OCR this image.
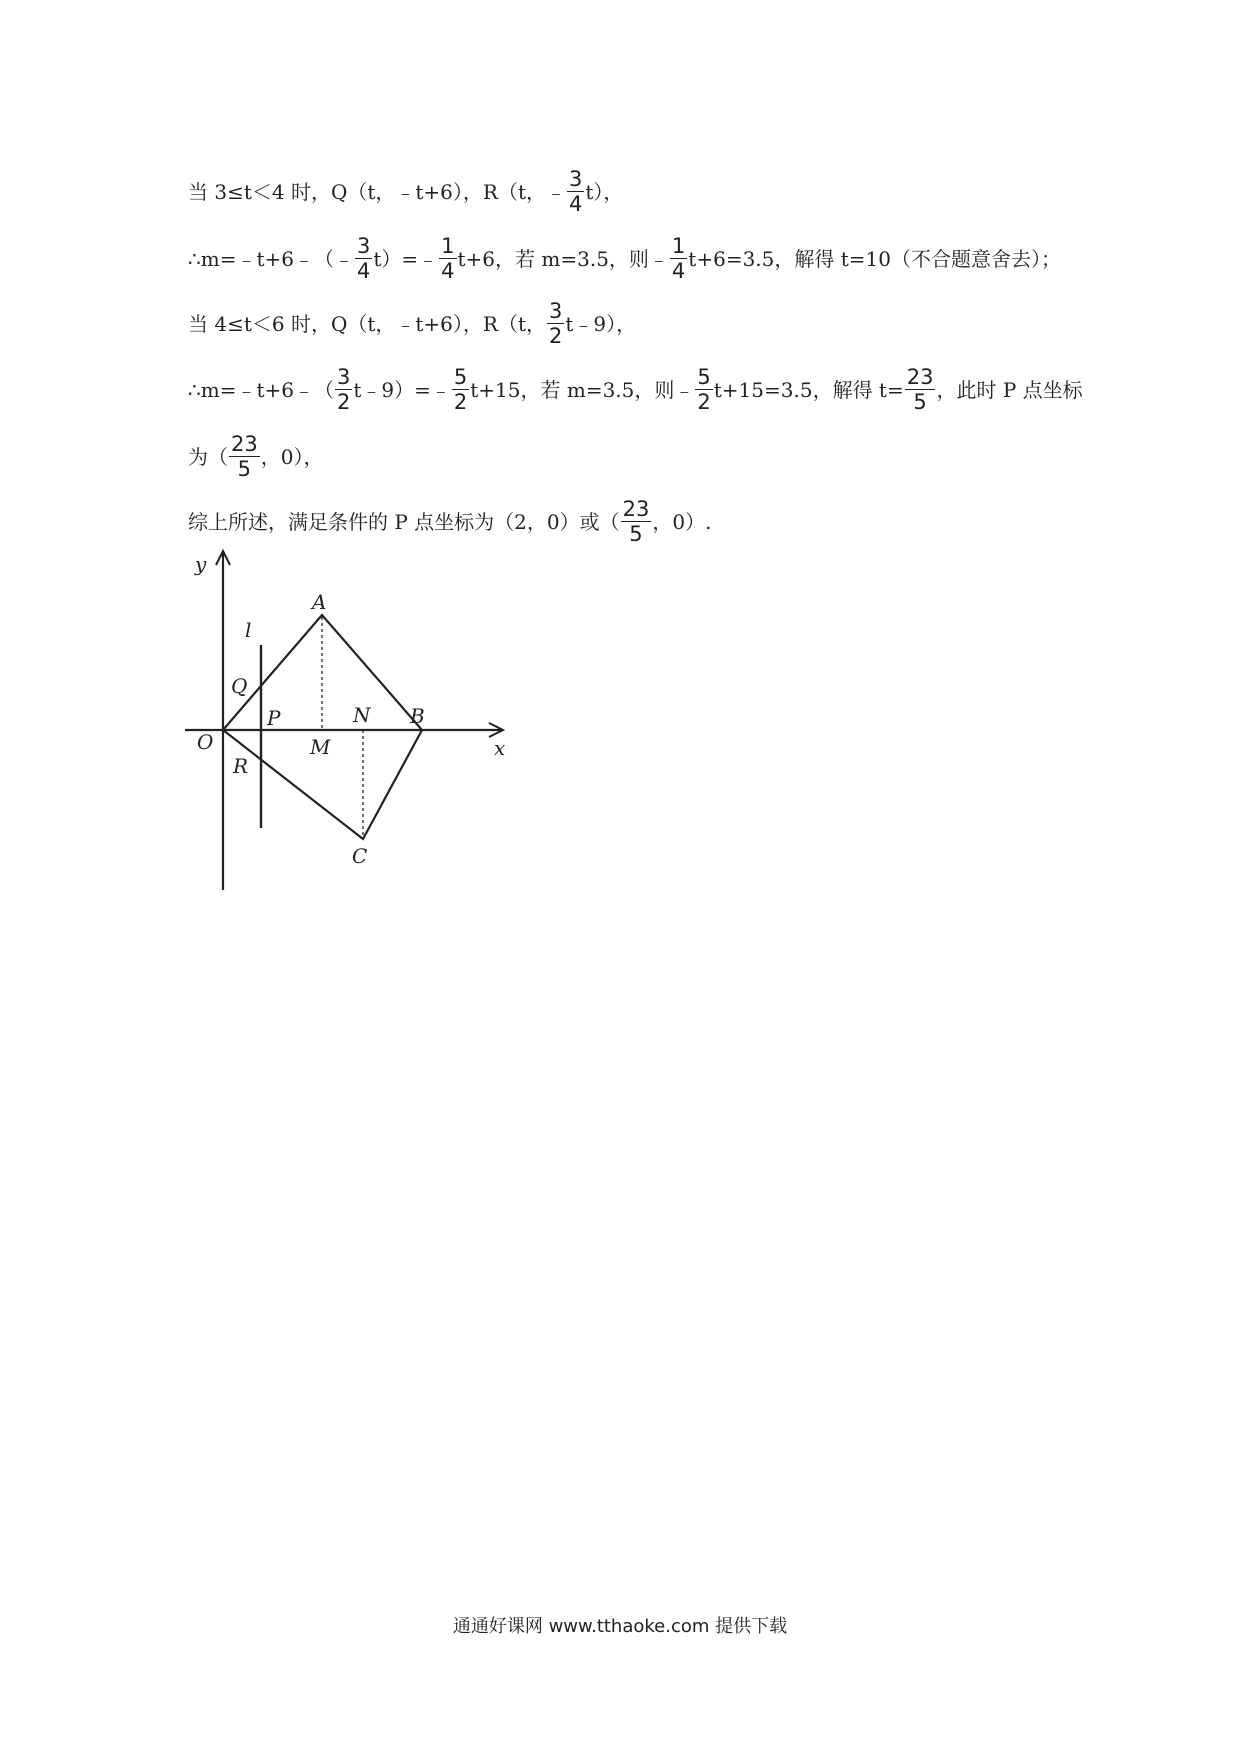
当 3≤t＜4 时，Q（t，﹣t+6），R（t，﹣ $\frac{3}{4} t$），
∴m=﹣t+6﹣（﹣ $\frac{3}{4}$ t）=﹣ $\frac{1}{4} t+6$，若 m=3.5，则﹣ $\frac{1}{4} t+6=3.5$，解得 t=10（不合题意舍去）；
当 4≤t＜6 时，Q（t，﹣t+6），R（t， $\frac{3}{2}$ t﹣9），
∴m=﹣t+6﹣（ $\frac{3}{2}$ t﹣9）=﹣ $\frac{5}{2} t+15$，若 m=3.5，则﹣ $\frac{5}{2} t+15=3.5$，解得 $t= \frac{23}{5}$ ，此时 P 点坐标
为（ $\frac{23}{5}$ ，0），
综上所述，满足条件的 P 点坐标为（2，0）或（ $\frac{23}{5}$ ，0）.
y
x
l
A
Q
P	N B
O	M
R
C
通通好课网 www.tthaoke.com 提供下载
